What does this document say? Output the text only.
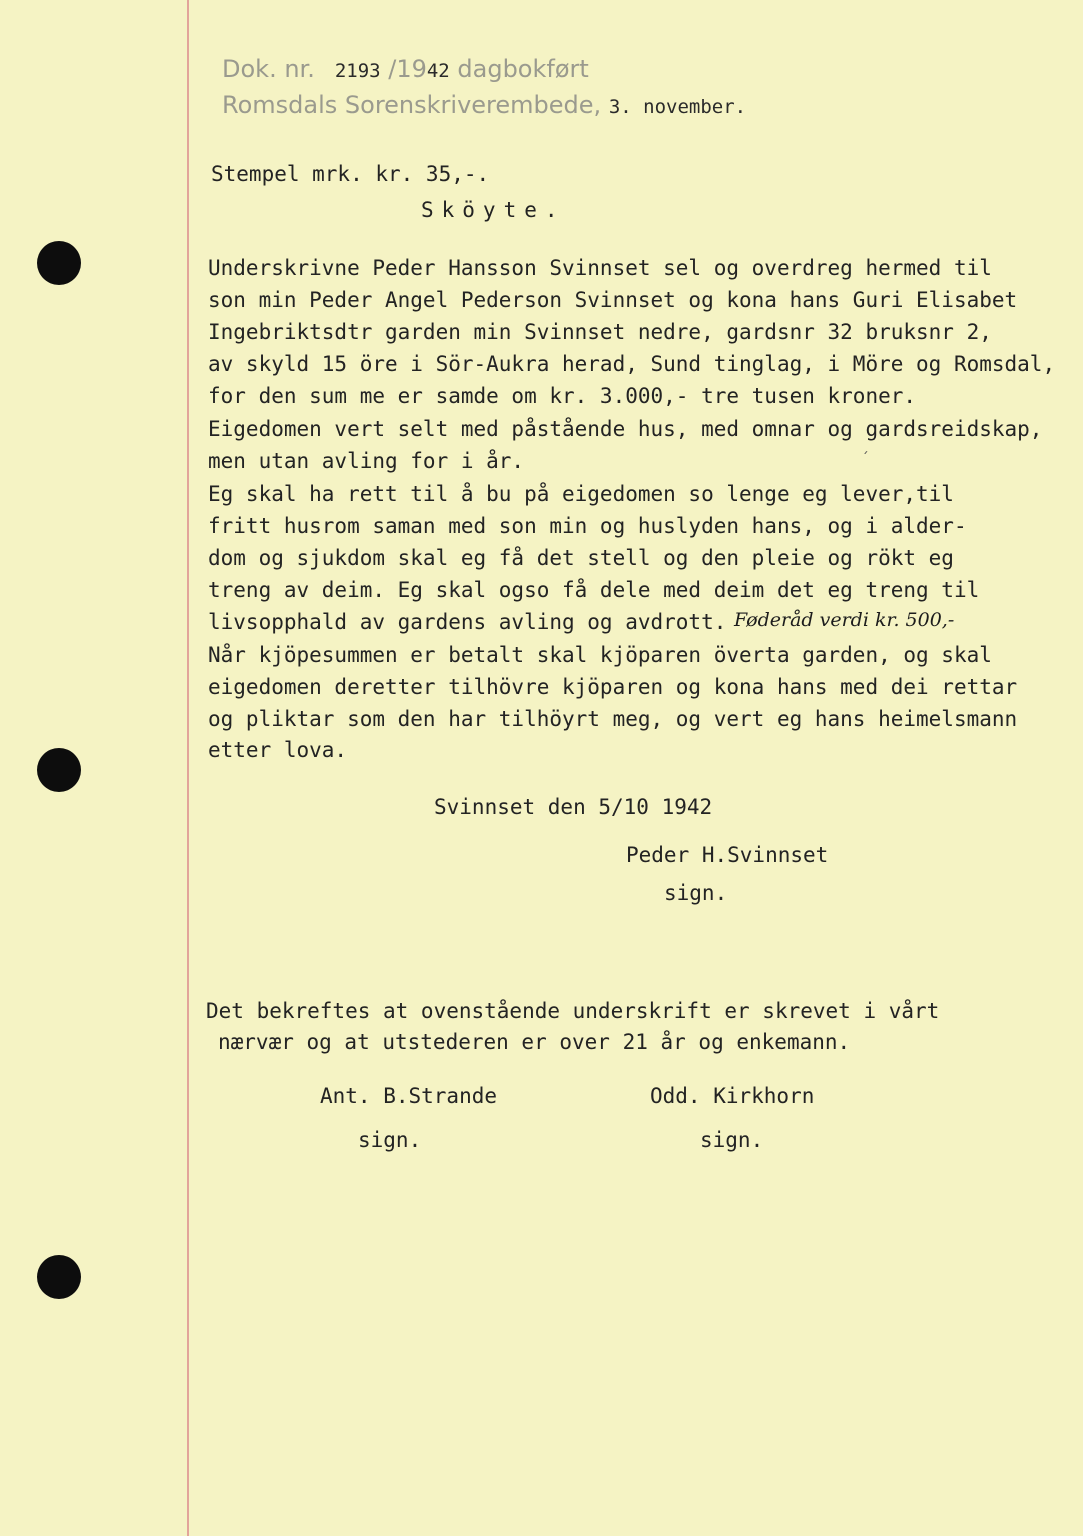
Dok. nr. 2193 /1942 dagbokført
Romsdals Sorenskriverembede, 3. november.
Stempel mrk. kr. 35,-.
Sköyte.
Underskrivne Peder Hansson Svinnset sel og overdreg hermed til
son min Peder Angel Pederson Svinnset og kona hans Guri Elisabet
Ingebriktsdtr garden min Svinnset nedre, gardsnr 32 bruksnr 2,
av skyld 15 öre i Sör-Aukra herad, Sund tinglag, i Möre og Romsdal,
for den sum me er samde om kr. 3.000,- tre tusen kroner.
Eigedomen vert selt med påstående hus, med omnar og gardsreidskap,
men utan avling for i år.	´
Eg skal ha rett til å bu på eigedomen so lenge eg lever,til
fritt husrom saman med son min og huslyden hans, og i alder-
dom og sjukdom skal eg få det stell og den pleie og rökt eg
treng av deim. Eg skal ogso få dele med deim det eg treng til
livsopphald av gardens avling og avdrott. Føderåd verdi kr. 500,-
Når kjöpesummen er betalt skal kjöparen överta garden, og skal
eigedomen deretter tilhövre kjöparen og kona hans med dei rettar
og pliktar som den har tilhöyrt meg, og vert eg hans heimelsmann
etter lova.
Svinnset den 5/10 1942
Peder H.Svinnset
sign.
Det bekreftes at ovenstående underskrift er skrevet i vårt
nærvær og at utstederen er over 21 år og enkemann.
Ant. B.Strande
sign.
Odd. Kirkhorn
sign.
